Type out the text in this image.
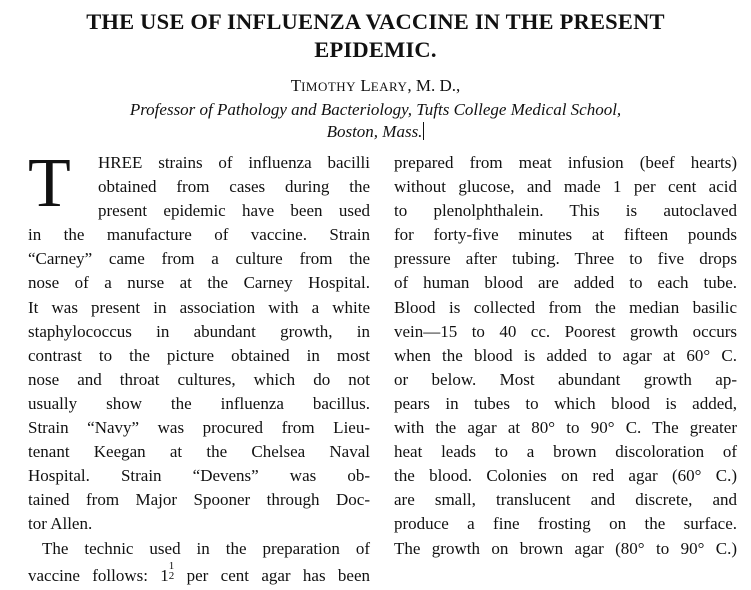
THE USE OF INFLUENZA VACCINE IN THE PRESENT
EPIDEMIC.
TIMOTHY LEARY, M. D.,
Professor of Pathology and Bacteriology, Tufts College Medical School,
Boston, Mass.
T	HREE strains of influenza bacilli
obtained from cases during the
present epidemic have been used
in the manufacture of vaccine. Strain
“Carney” came from a culture from the
nose of a nurse at the Carney Hospital.
It was present in association with a white
staphylococcus in abundant growth, in
contrast to the picture obtained in most
nose and throat cultures, which do not
usually show the influenza bacillus.
Strain “Navy” was procured from Lieu-
tenant Keegan at the Chelsea Naval
Hospital. Strain “Devens” was ob-
tained from Major Spooner through Doc-
tor Allen.
The technic used in the preparation of
vaccine follows: 11
2 per cent agar has been
prepared from meat infusion (beef hearts)
without glucose, and made 1 per cent acid
to plenolphthalein. This is autoclaved
for forty-five minutes at fifteen pounds
pressure after tubing. Three to five drops
of human blood are added to each tube.
Blood is collected from the median basilic
vein—15 to 40 cc. Poorest growth occurs
when the blood is added to agar at 60° C.
or below. Most abundant growth ap-
pears in tubes to which blood is added,
with the agar at 80° to 90° C. The greater
heat leads to a brown discoloration of
the blood. Colonies on red agar (60° C.)
are small, translucent and discrete, and
produce a fine frosting on the surface.
The growth on brown agar (80° to 90° C.)
